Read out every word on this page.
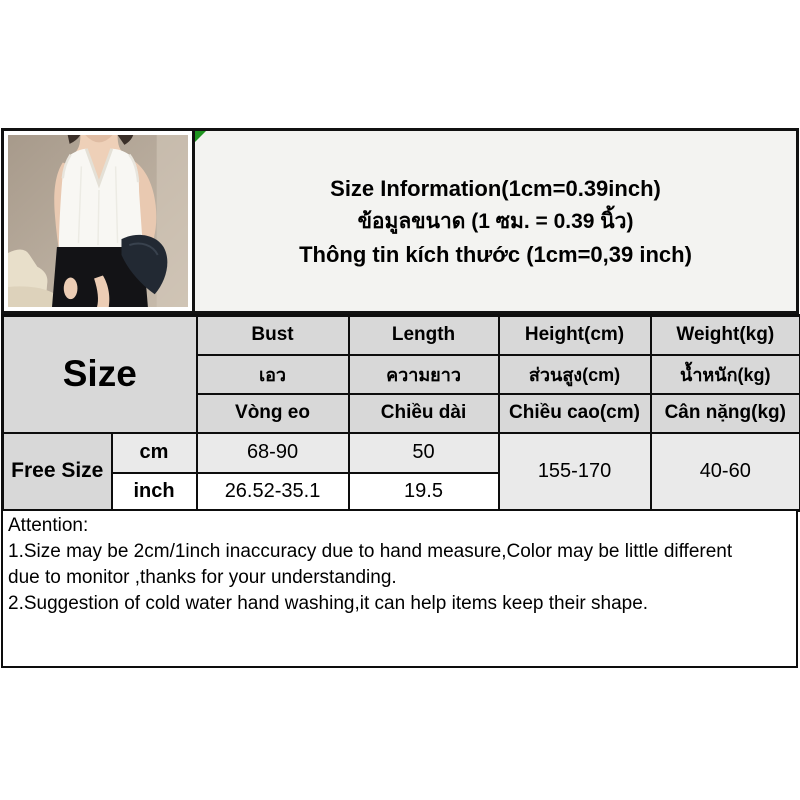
Size Information(1cm=0.39inch)
ข้อมูลขนาด (1 ซม. = 0.39 นิ้ว)
Thông tin kích thước (1cm=0,39 inch)
Size		Bust	Length	Height(cm)	Weight(kg)
		เอว	ความยาว	ส่วนสูง(cm)	น้ำหนัก(kg)
		Vòng eo	Chiều dài	Chiều cao(cm)	Cân nặng(kg)
Free Size	cm	68-90	50	155-170	40-60
	inch	26.52-35.1	19.5		
Attention:
1.Size may be 2cm/1inch inaccuracy due to hand measure,Color may be little different due to monitor ,thanks for your understanding.
2.Suggestion of cold water hand washing,it can help items keep their shape.
